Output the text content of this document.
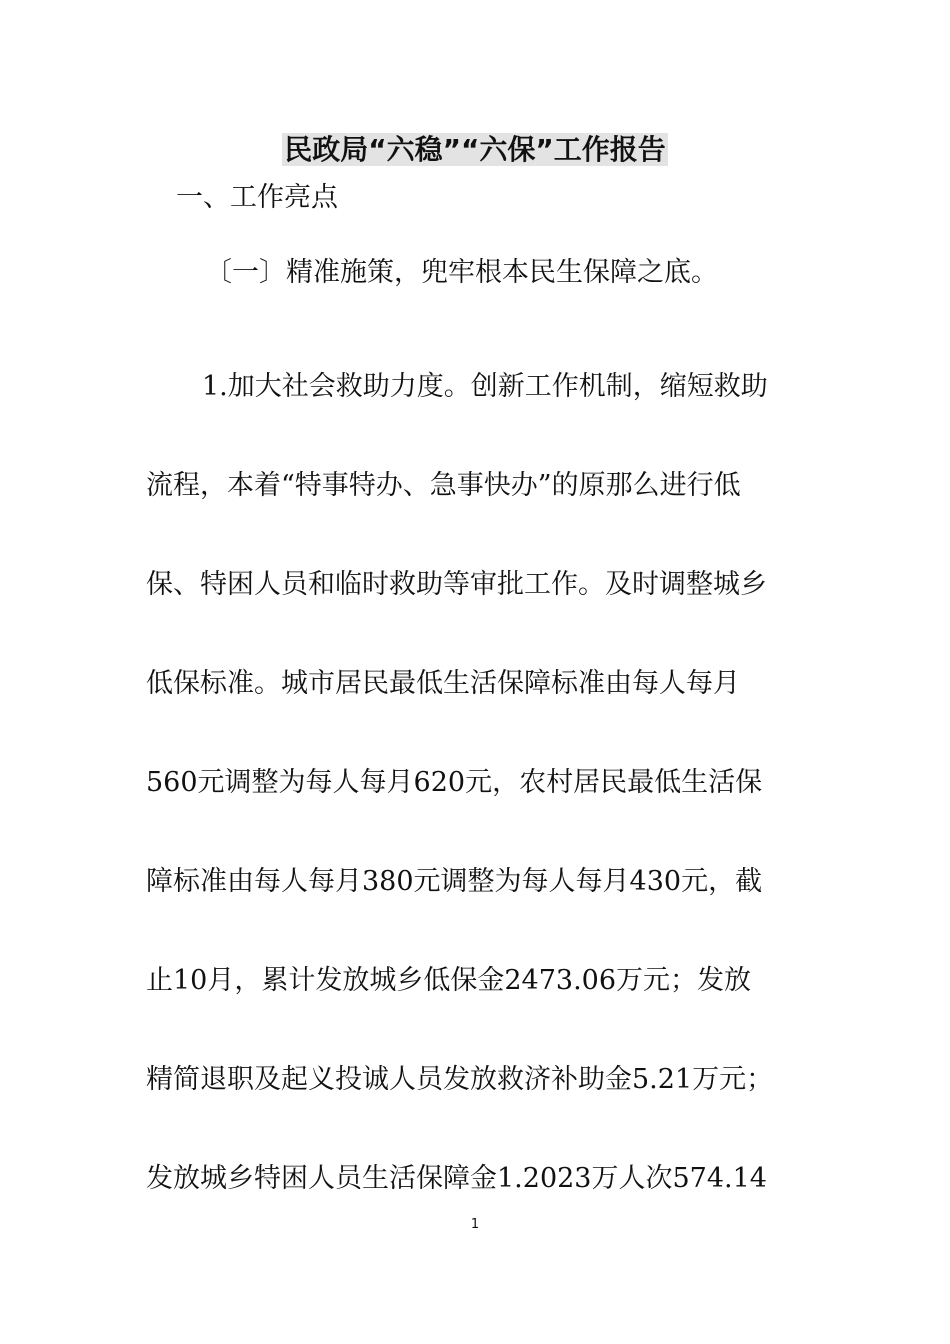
民政局“六稳”“六保”工作报告
一、工作亮点
〔一〕精准施策，兜牢根本民生保障之底。

1.加大社会救助力度。创新工作机制，缩短救助
流程，本着“特事特办、急事快办”的原那么进行低
保、特困人员和临时救助等审批工作。及时调整城乡
低保标准。城市居民最低生活保障标准由每人每月
560元调整为每人每月620元，农村居民最低生活保
障标准由每人每月380元调整为每人每月430元，截
止10月，累计发放城乡低保金2473.06万元；发放
精简退职及起义投诚人员发放救济补助金5.21万元；
发放城乡特困人员生活保障金1.2023万人次574.14

1
